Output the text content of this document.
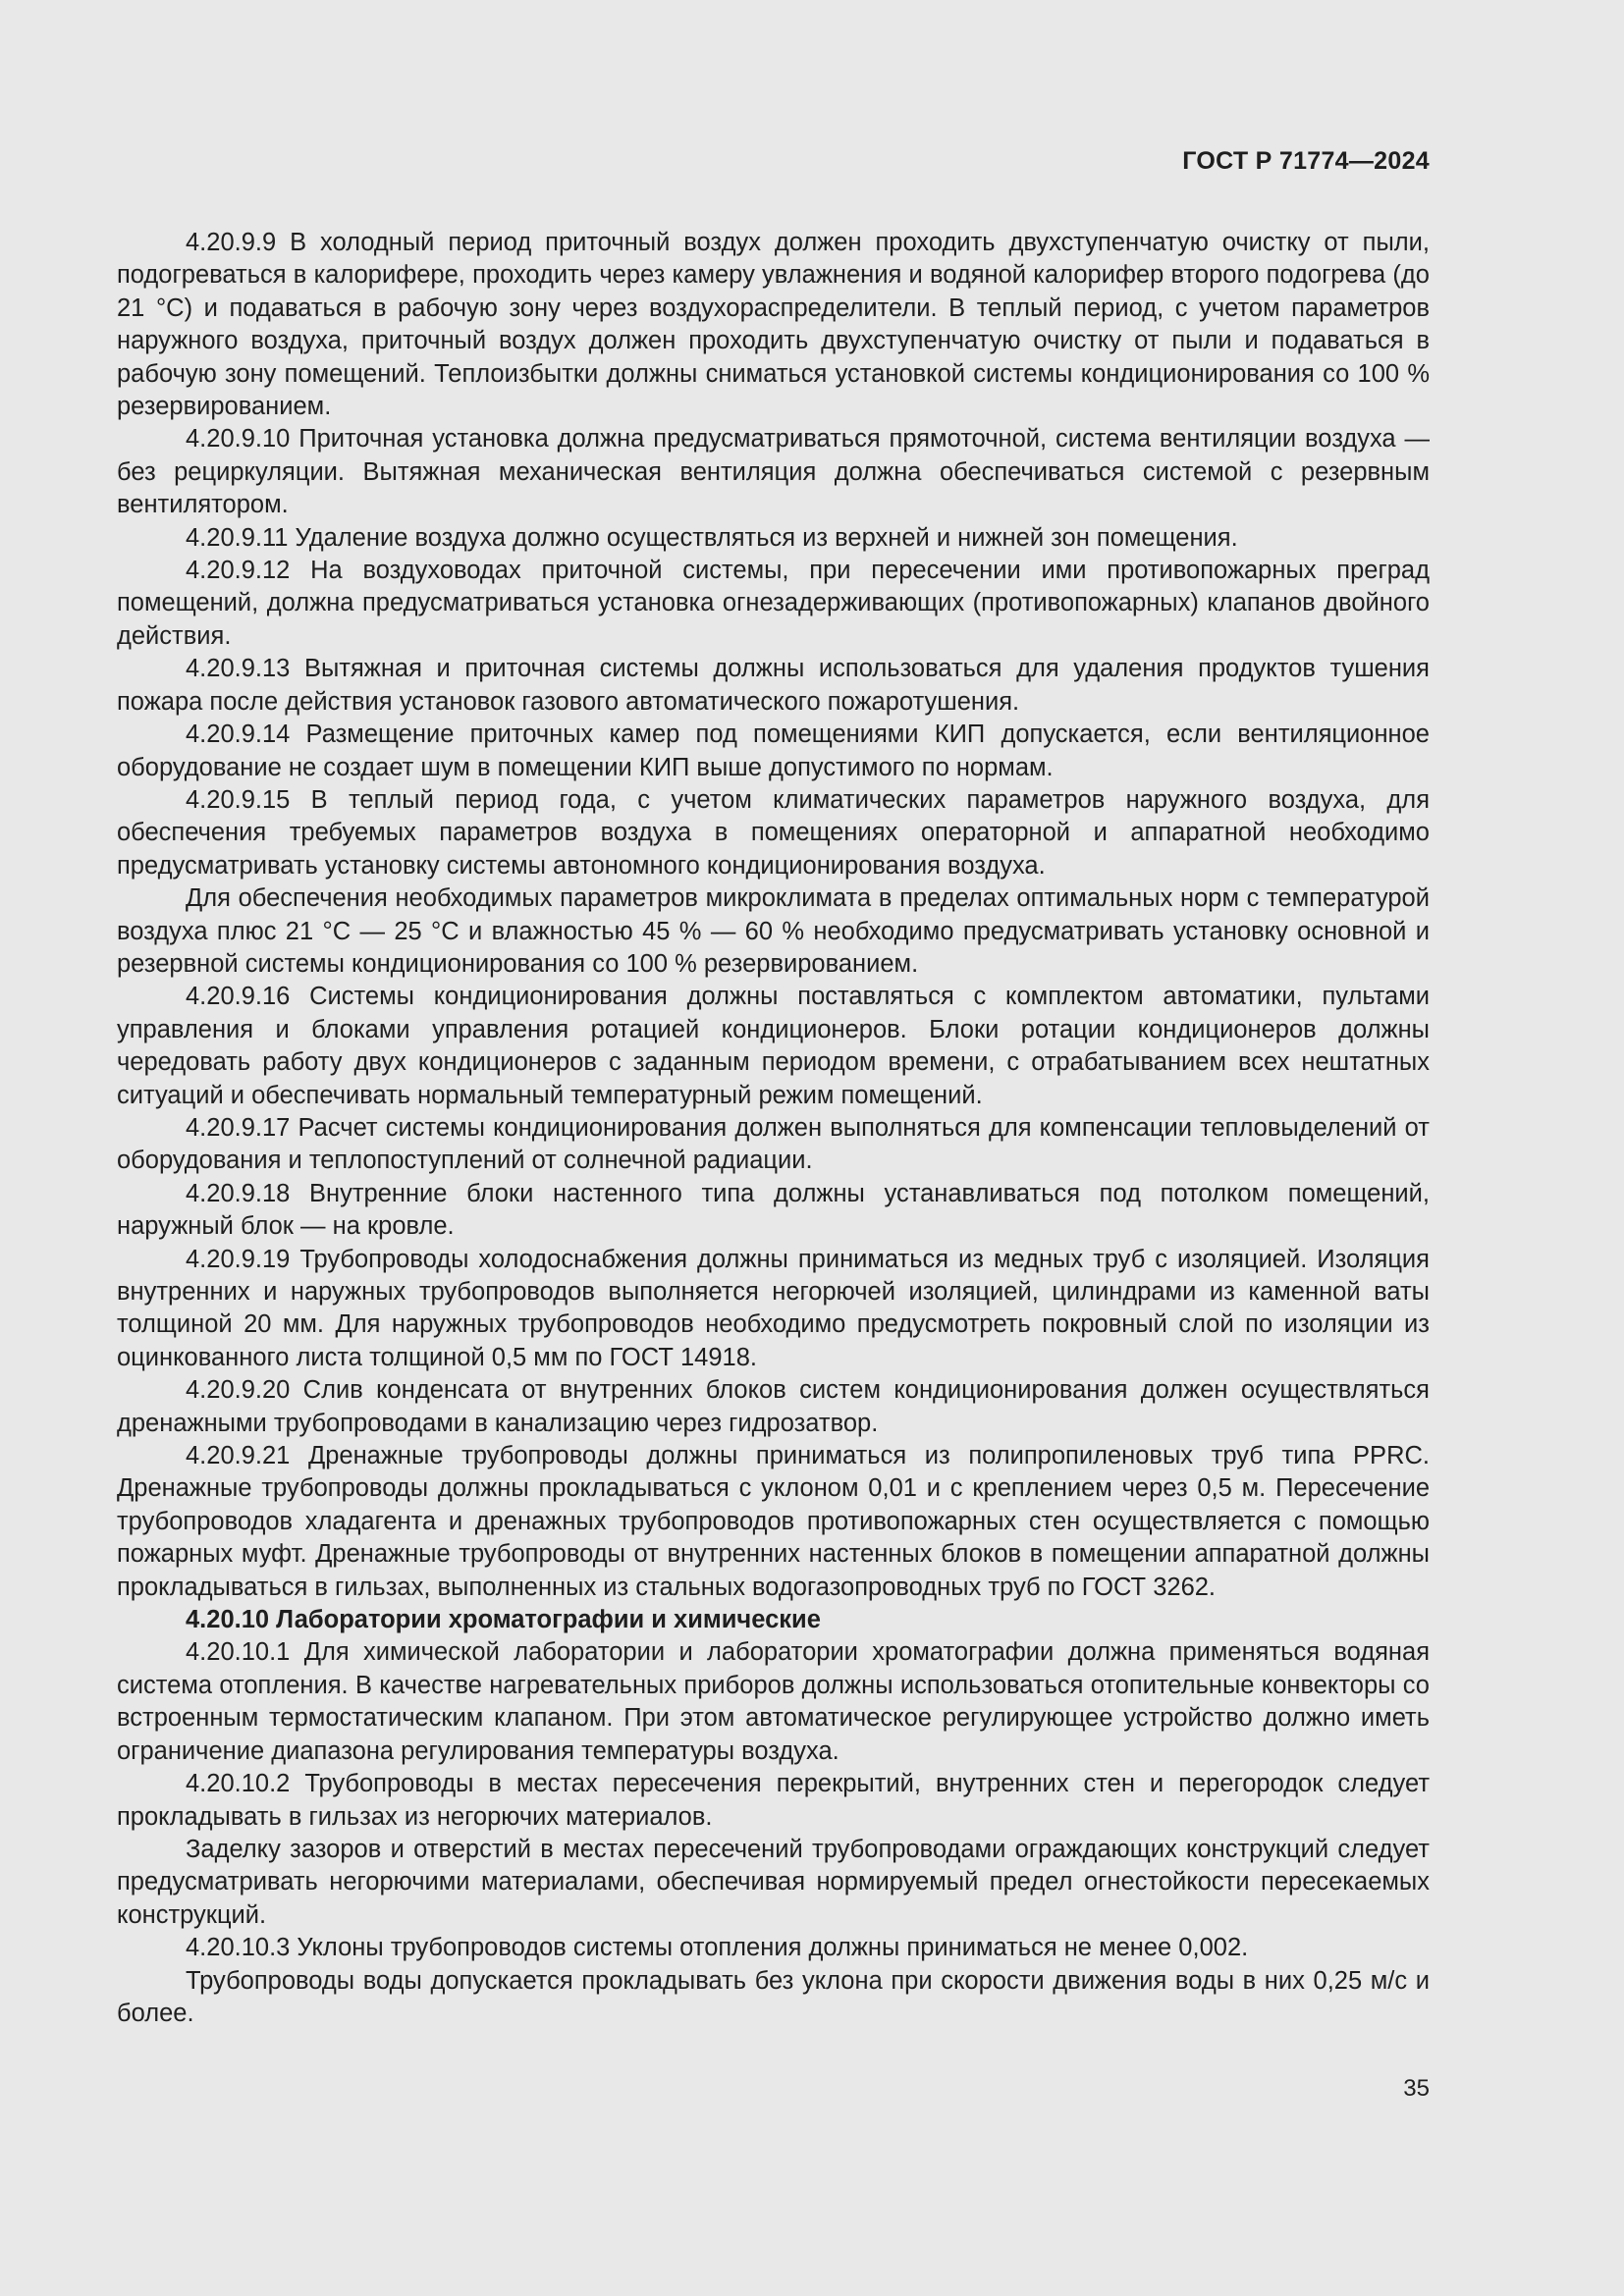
ГОСТ Р 71774—2024

4.20.9.9 В холодный период приточный воздух должен проходить двухступенчатую очистку от пыли, подогреваться в калорифере, проходить через камеру увлажнения и водяной калорифер второго подогрева (до 21 °С) и подаваться в рабочую зону через воздухораспределители. В теплый период, с учетом параметров наружного воздуха, приточный воздух должен проходить двухступенчатую очистку от пыли и подаваться в рабочую зону помещений. Теплоизбытки должны сниматься установкой системы кондиционирования со 100 % резервированием.

4.20.9.10 Приточная установка должна предусматриваться прямоточной, система вентиляции воздуха — без рециркуляции. Вытяжная механическая вентиляция должна обеспечиваться системой с резервным вентилятором.

4.20.9.11 Удаление воздуха должно осуществляться из верхней и нижней зон помещения.

4.20.9.12 На воздуховодах приточной системы, при пересечении ими противопожарных преград помещений, должна предусматриваться установка огнезадерживающих (противопожарных) клапанов двойного действия.

4.20.9.13 Вытяжная и приточная системы должны использоваться для удаления продуктов тушения пожара после действия установок газового автоматического пожаротушения.

4.20.9.14 Размещение приточных камер под помещениями КИП допускается, если вентиляционное оборудование не создает шум в помещении КИП выше допустимого по нормам.

4.20.9.15 В теплый период года, с учетом климатических параметров наружного воздуха, для обеспечения требуемых параметров воздуха в помещениях операторной и аппаратной необходимо предусматривать установку системы автономного кондиционирования воздуха.

Для обеспечения необходимых параметров микроклимата в пределах оптимальных норм с температурой воздуха плюс 21 °С — 25 °С и влажностью 45 % — 60 % необходимо предусматривать установку основной и резервной системы кондиционирования со 100 % резервированием.

4.20.9.16 Системы кондиционирования должны поставляться с комплектом автоматики, пультами управления и блоками управления ротацией кондиционеров. Блоки ротации кондиционеров должны чередовать работу двух кондиционеров с заданным периодом времени, с отрабатыванием всех нештатных ситуаций и обеспечивать нормальный температурный режим помещений.

4.20.9.17 Расчет системы кондиционирования должен выполняться для компенсации тепловыделений от оборудования и теплопоступлений от солнечной радиации.

4.20.9.18 Внутренние блоки настенного типа должны устанавливаться под потолком помещений, наружный блок — на кровле.

4.20.9.19 Трубопроводы холодоснабжения должны приниматься из медных труб с изоляцией. Изоляция внутренних и наружных трубопроводов выполняется негорючей изоляцией, цилиндрами из каменной ваты толщиной 20 мм. Для наружных трубопроводов необходимо предусмотреть покровный слой по изоляции из оцинкованного листа толщиной 0,5 мм по ГОСТ 14918.

4.20.9.20 Слив конденсата от внутренних блоков систем кондиционирования должен осуществляться дренажными трубопроводами в канализацию через гидрозатвор.

4.20.9.21 Дренажные трубопроводы должны приниматься из полипропиленовых труб типа PPRC. Дренажные трубопроводы должны прокладываться с уклоном 0,01 и с креплением через 0,5 м. Пересечение трубопроводов хладагента и дренажных трубопроводов противопожарных стен осуществляется с помощью пожарных муфт. Дренажные трубопроводы от внутренних настенных блоков в помещении аппаратной должны прокладываться в гильзах, выполненных из стальных водогазопроводных труб по ГОСТ 3262.

4.20.10 Лаборатории хроматографии и химические

4.20.10.1 Для химической лаборатории и лаборатории хроматографии должна применяться водяная система отопления. В качестве нагревательных приборов должны использоваться отопительные конвекторы со встроенным термостатическим клапаном. При этом автоматическое регулирующее устройство должно иметь ограничение диапазона регулирования температуры воздуха.

4.20.10.2 Трубопроводы в местах пересечения перекрытий, внутренних стен и перегородок следует прокладывать в гильзах из негорючих материалов.

Заделку зазоров и отверстий в местах пересечений трубопроводами ограждающих конструкций следует предусматривать негорючими материалами, обеспечивая нормируемый предел огнестойкости пересекаемых конструкций.

4.20.10.3 Уклоны трубопроводов системы отопления должны приниматься не менее 0,002.

Трубопроводы воды допускается прокладывать без уклона при скорости движения воды в них 0,25 м/с и более.

35
